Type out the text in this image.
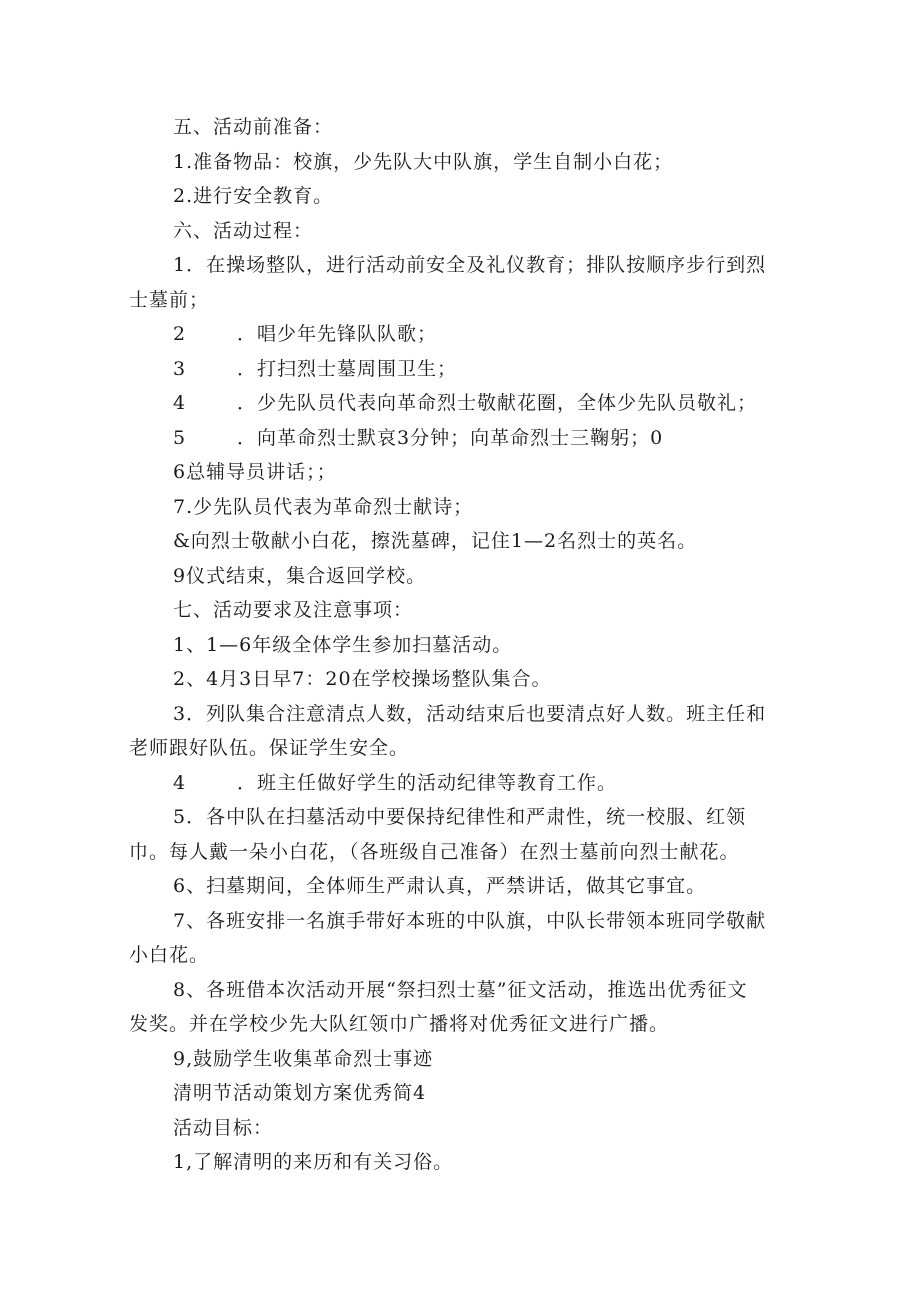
五、活动前准备：
1.准备物品：校旗，少先队大中队旗，学生自制小白花；
2.进行安全教育。
六、活动过程：
1．在操场整队，进行活动前安全及礼仪教育；排队按顺序步行到烈
士墓前；
2	．唱少年先锋队队歌；
3	．打扫烈士墓周围卫生；
4	．少先队员代表向革命烈士敬献花圈，全体少先队员敬礼；
5	．向革命烈士默哀3分钟；向革命烈士三鞠躬；0
6总辅导员讲话；；
7.少先队员代表为革命烈士献诗；
&向烈士敬献小白花，擦洗墓碑，记住1—2名烈士的英名。
9仪式结束，集合返回学校。
七、活动要求及注意事项：
1、1—6年级全体学生参加扫墓活动。
2、4月3日早7：20在学校操场整队集合。
3．列队集合注意清点人数，活动结束后也要清点好人数。班主任和
老师跟好队伍。保证学生安全。
4	．班主任做好学生的活动纪律等教育工作。
5．各中队在扫墓活动中要保持纪律性和严肃性，统一校服、红领
巾。每人戴一朵小白花，（各班级自己准备）在烈士墓前向烈士献花。
6、扫墓期间，全体师生严肃认真，严禁讲话，做其它事宜。
7、各班安排一名旗手带好本班的中队旗，中队长带领本班同学敬献
小白花。
8、各班借本次活动开展“祭扫烈士墓”征文活动，推选出优秀征文
发奖。并在学校少先大队红领巾广播将对优秀征文进行广播。
9,鼓励学生收集革命烈士事迹
清明节活动策划方案优秀简4
活动目标：
1,了解清明的来历和有关习俗。
